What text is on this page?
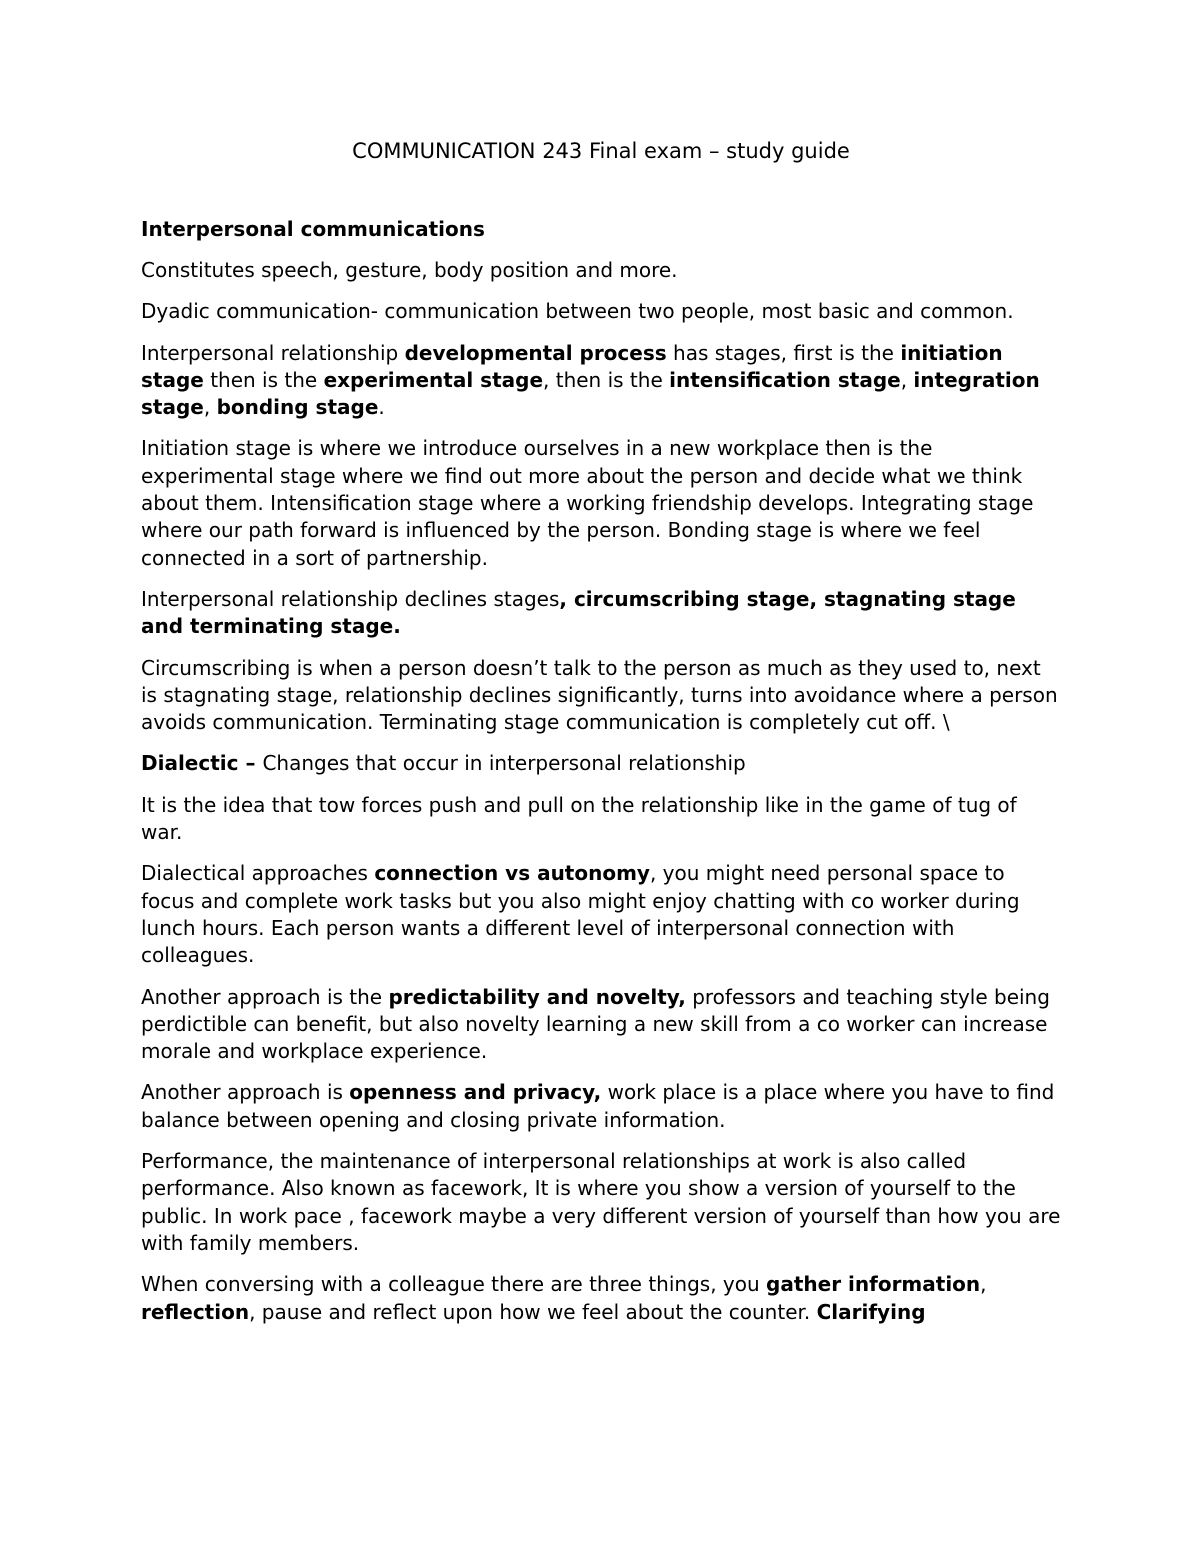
COMMUNICATION 243 Final exam – study guide
Interpersonal communications

Constitutes speech, gesture, body position and more.

Dyadic communication- communication between two people, most basic and common.

Interpersonal relationship developmental process has stages, first is the initiation stage then is the experimental stage, then is the intensification stage, integration stage, bonding stage.

Initiation stage is where we introduce ourselves in a new workplace then is the experimental stage where we find out more about the person and decide what we think about them. Intensification stage where a working friendship develops. Integrating stage where our path forward is influenced by the person. Bonding stage is where we feel connected in a sort of partnership.

Interpersonal relationship declines stages, circumscribing stage, stagnating stage and terminating stage.

Circumscribing is when a person doesn’t talk to the person as much as they used to, next is stagnating stage, relationship declines significantly, turns into avoidance where a person avoids communication. Terminating stage communication is completely cut off. \

Dialectic – Changes that occur in interpersonal relationship

It is the idea that tow forces push and pull on the relationship like in the game of tug of war.

Dialectical approaches connection vs autonomy, you might need personal space to focus and complete work tasks but you also might enjoy chatting with co worker during lunch hours. Each person wants a different level of interpersonal connection with colleagues.

Another approach is the predictability and novelty, professors and teaching style being perdictible can benefit, but also novelty learning a new skill from a co worker can increase morale and workplace experience.

Another approach is openness and privacy, work place is a place where you have to find balance between opening and closing private information.

Performance, the maintenance of interpersonal relationships at work is also called performance. Also known as facework, It is where you show a version of yourself to the public. In work pace , facework maybe a very different version of yourself than how you are with family members.

When conversing with a colleague there are three things, you gather information, reflection, pause and reflect upon how we feel about the counter. Clarifying
